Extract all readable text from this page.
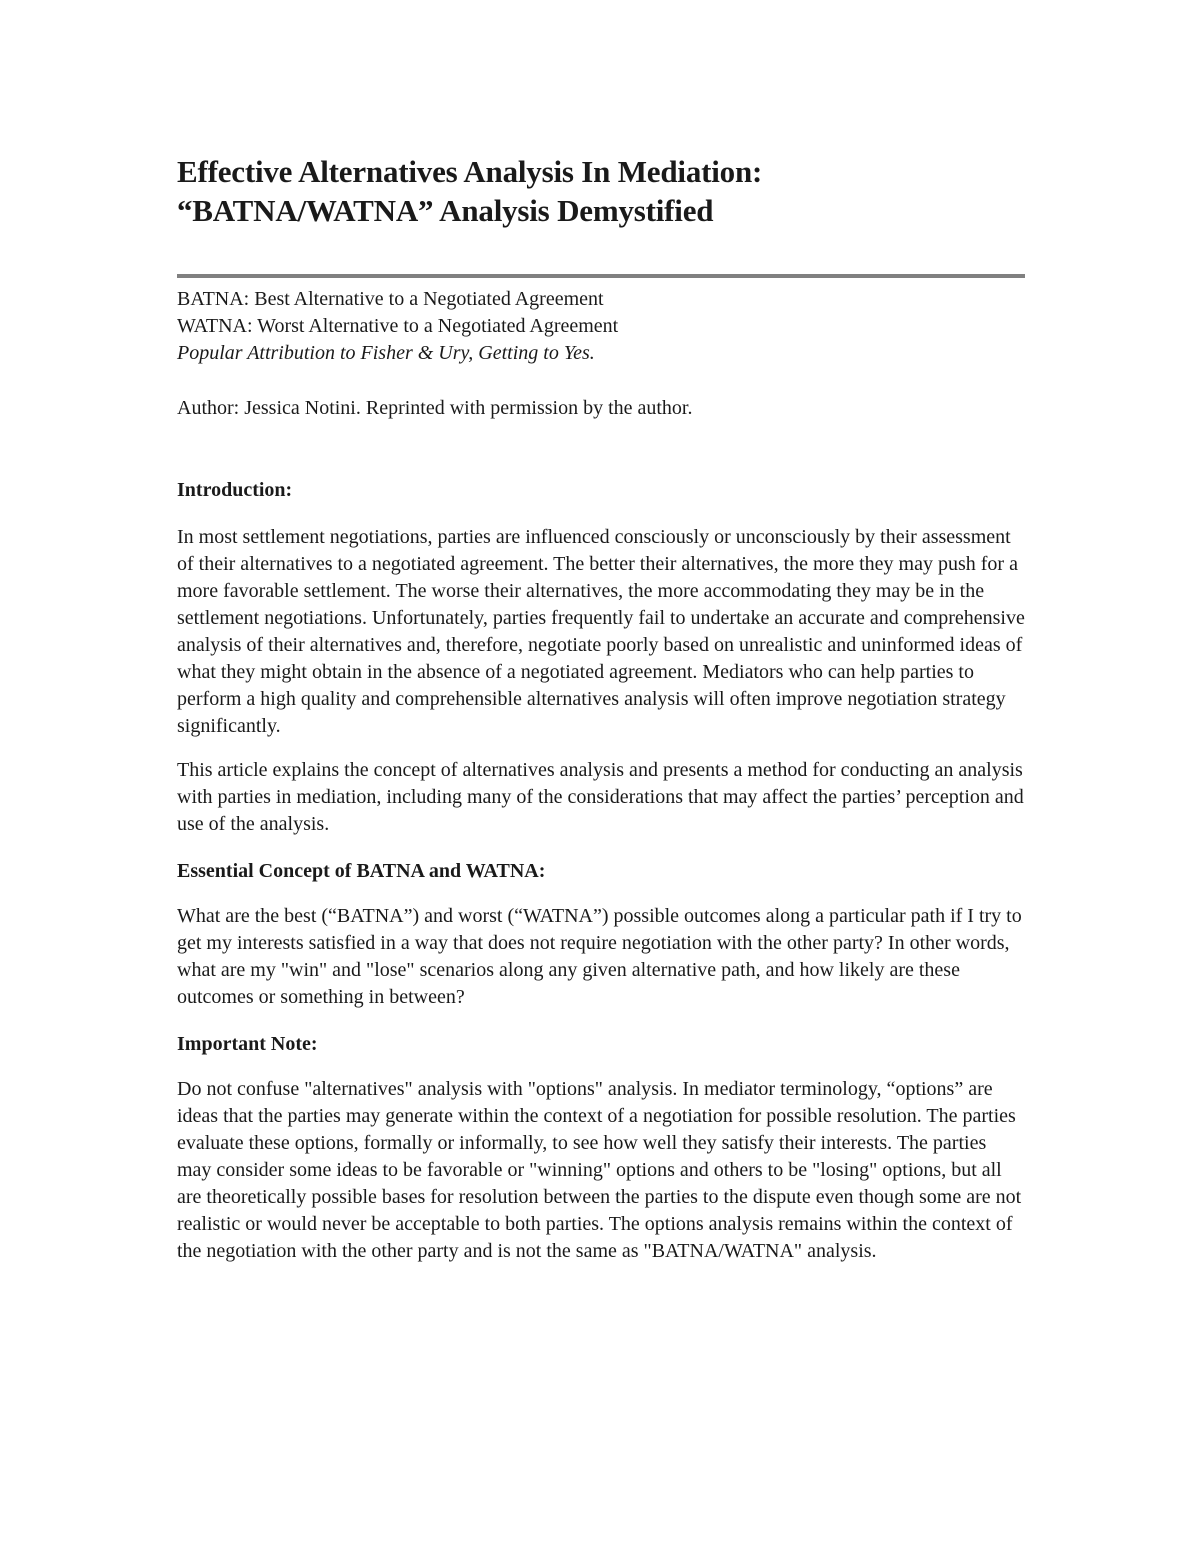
Effective Alternatives Analysis In Mediation:
“BATNA/WATNA” Analysis Demystified
BATNA: Best Alternative to a Negotiated Agreement
WATNA: Worst Alternative to a Negotiated Agreement
Popular Attribution to Fisher & Ury, Getting to Yes.
Author: Jessica Notini. Reprinted with permission by the author.
Introduction:

In most settlement negotiations, parties are influenced consciously or unconsciously by their assessment of their alternatives to a negotiated agreement. The better their alternatives, the more they may push for a more favorable settlement. The worse their alternatives, the more accommodating they may be in the settlement negotiations. Unfortunately, parties frequently fail to undertake an accurate and comprehensive analysis of their alternatives and, therefore, negotiate poorly based on unrealistic and uninformed ideas of what they might obtain in the absence of a negotiated agreement. Mediators who can help parties to perform a high quality and comprehensible alternatives analysis will often improve negotiation strategy significantly.

This article explains the concept of alternatives analysis and presents a method for conducting an analysis with parties in mediation, including many of the considerations that may affect the parties’ perception and use of the analysis.

Essential Concept of BATNA and WATNA:

What are the best (“BATNA”) and worst (“WATNA”) possible outcomes along a particular path if I try to get my interests satisfied in a way that does not require negotiation with the other party? In other words, what are my "win" and "lose" scenarios along any given alternative path, and how likely are these outcomes or something in between?

Important Note:

Do not confuse "alternatives" analysis with "options" analysis. In mediator terminology, “options” are ideas that the parties may generate within the context of a negotiation for possible resolution. The parties evaluate these options, formally or informally, to see how well they satisfy their interests. The parties may consider some ideas to be favorable or "winning" options and others to be "losing" options, but all are theoretically possible bases for resolution between the parties to the dispute even though some are not realistic or would never be acceptable to both parties. The options analysis remains within the context of the negotiation with the other party and is not the same as "BATNA/WATNA" analysis.
